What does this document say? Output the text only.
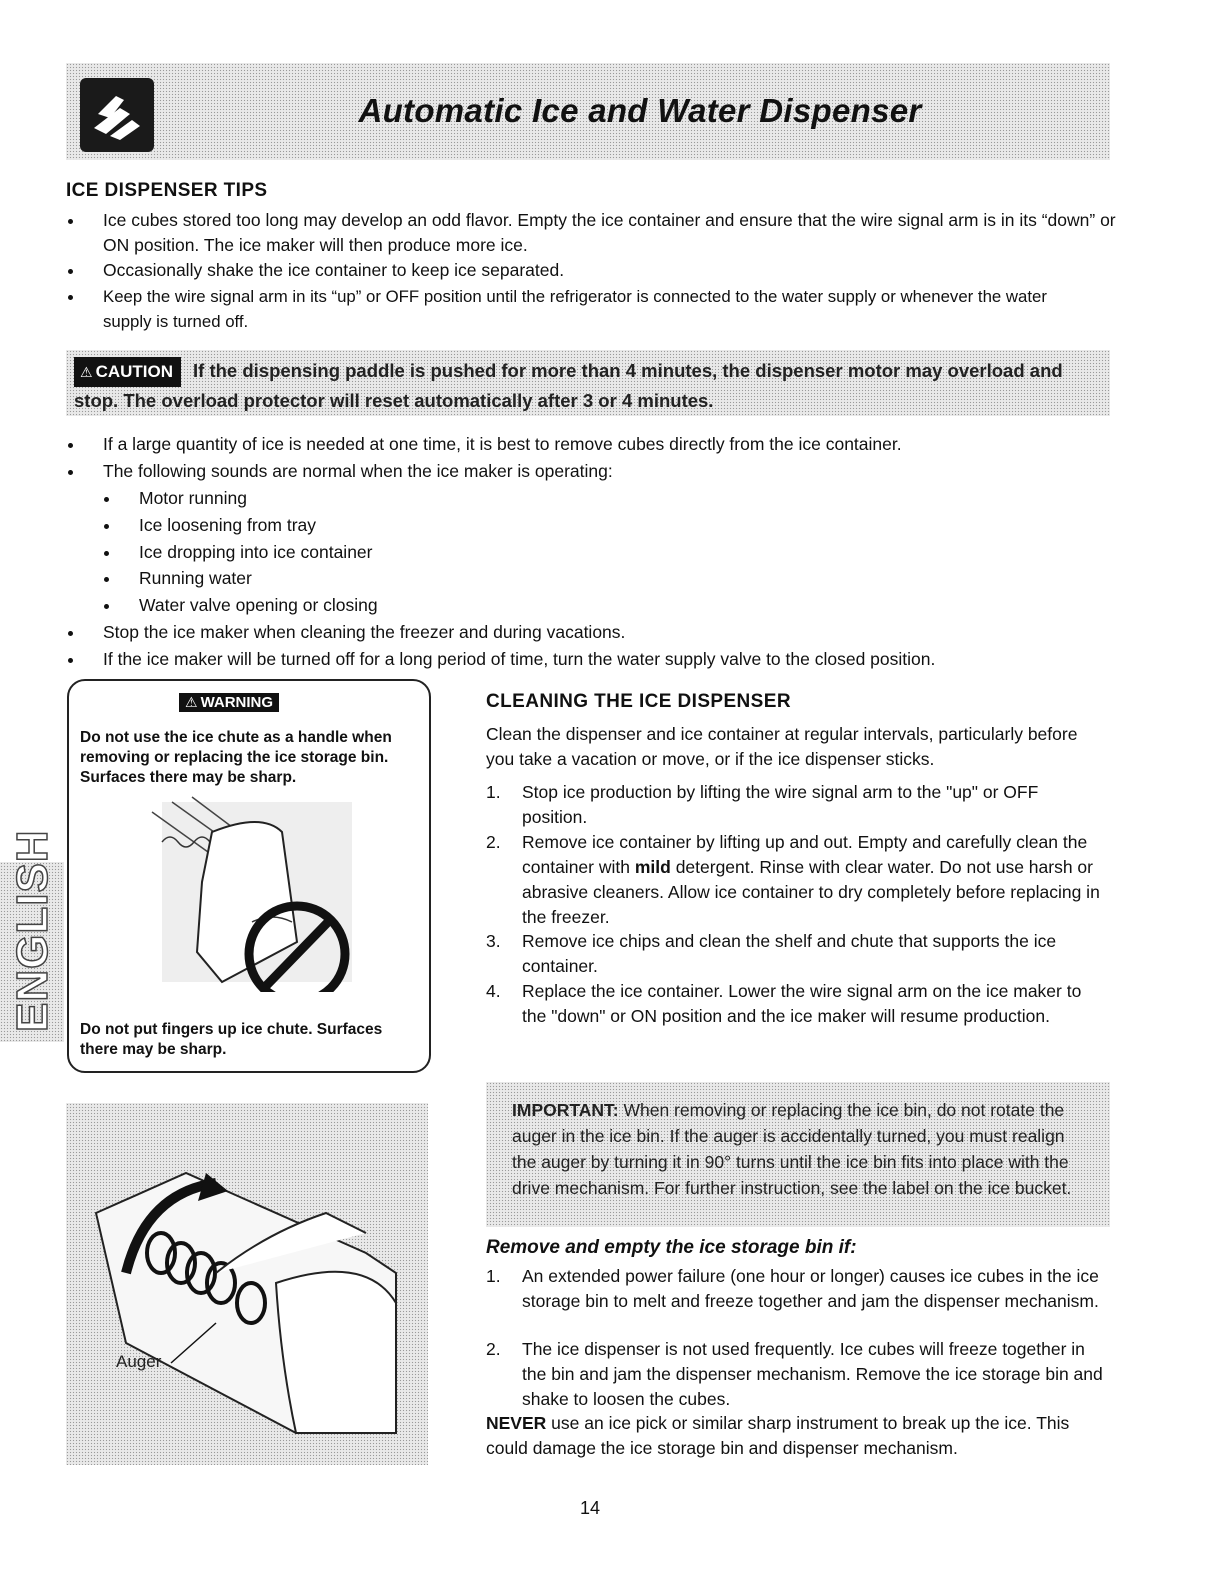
Automatic Ice and Water Dispenser
ICE DISPENSER TIPS
Ice cubes stored too long may develop an odd flavor. Empty the ice container and ensure that the wire signal arm is in its “down” or ON position. The ice maker will then produce more ice.
Occasionally shake the ice container to keep ice separated.
Keep the wire signal arm in its “up” or OFF position until the refrigerator is connected to the water supply or whenever the water supply is turned off.
⚠ CAUTION If the dispensing paddle is pushed for more than 4 minutes, the dispenser motor may overload and stop. The overload protector will reset automatically after 3 or 4 minutes.
If a large quantity of ice is needed at one time, it is best to remove cubes directly from the ice container.
The following sounds are normal when the ice maker is operating:
Motor running
Ice loosening from tray
Ice dropping into ice container
Running water
Water valve opening or closing
Stop the ice maker when cleaning the freezer and during vacations.
If the ice maker will be turned off for a long period of time, turn the water supply valve to the closed position.
ENGLISH
⚠ WARNING
Do not use the ice chute as a handle when removing or replacing the ice storage bin. Surfaces there may be sharp.
Do not put fingers up ice chute. Surfaces there may be sharp.
Auger
CLEANING THE ICE DISPENSER
Clean the dispenser and ice container at regular intervals, particularly before you take a vacation or move, or if the ice dispenser sticks.
1. Stop ice production by lifting the wire signal arm to the "up" or OFF position.
2. Remove ice container by lifting up and out. Empty and carefully clean the container with mild detergent. Rinse with clear water. Do not use harsh or abrasive cleaners. Allow ice container to dry completely before replacing in the freezer.
3. Remove ice chips and clean the shelf and chute that supports the ice container.
4. Replace the ice container. Lower the wire signal arm on the ice maker to the "down" or ON position and the ice maker will resume production.
IMPORTANT: When removing or replacing the ice bin, do not rotate the auger in the ice bin. If the auger is accidentally turned, you must realign the auger by turning it in 90° turns until the ice bin fits into place with the drive mechanism. For further instruction, see the label on the ice bucket.
Remove and empty the ice storage bin if:
1. An extended power failure (one hour or longer) causes ice cubes in the ice storage bin to melt and freeze together and jam the dispenser mechanism.
2. The ice dispenser is not used frequently. Ice cubes will freeze together in the bin and jam the dispenser mechanism. Remove the ice storage bin and shake to loosen the cubes.
NEVER use an ice pick or similar sharp instrument to break up the ice. This could damage the ice storage bin and dispenser mechanism.
14
